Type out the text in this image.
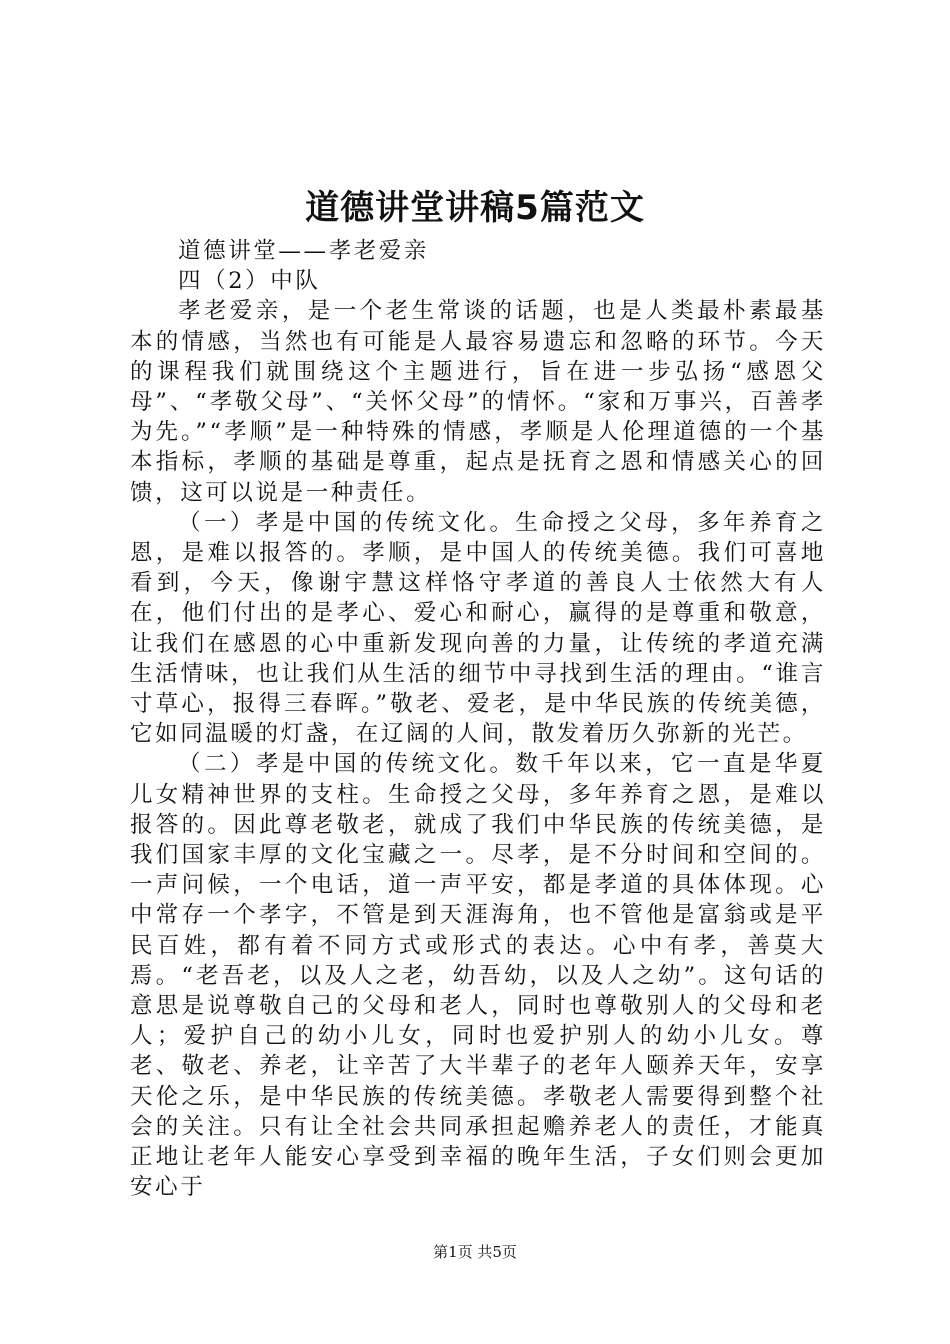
道德讲堂讲稿5篇范文

道德讲堂——孝老爱亲

四（2）中队

孝老爱亲，是一个老生常谈的话题，也是人类最朴素最基本的情感，当然也有可能是人最容易遗忘和忽略的环节。今天的课程我们就围绕这个主题进行，旨在进一步弘扬“感恩父母”、“孝敬父母”、“关怀父母”的情怀。“家和万事兴，百善孝为先。”“孝顺”是一种特殊的情感，孝顺是人伦理道德的一个基本指标，孝顺的基础是尊重，起点是抚育之恩和情感关心的回馈，这可以说是一种责任。

（一）孝是中国的传统文化。生命授之父母，多年养育之恩，是难以报答的。孝顺，是中国人的传统美德。我们可喜地看到，今天，像谢宇慧这样恪守孝道的善良人士依然大有人在，他们付出的是孝心、爱心和耐心，赢得的是尊重和敬意，让我们在感恩的心中重新发现向善的力量，让传统的孝道充满生活情味，也让我们从生活的细节中寻找到生活的理由。“谁言寸草心，报得三春晖。”敬老、爱老，是中华民族的传统美德，它如同温暖的灯盏，在辽阔的人间，散发着历久弥新的光芒。

（二）孝是中国的传统文化。数千年以来，它一直是华夏儿女精神世界的支柱。生命授之父母，多年养育之恩，是难以报答的。因此尊老敬老，就成了我们中华民族的传统美德，是我们国家丰厚的文化宝藏之一。尽孝，是不分时间和空间的。一声问候，一个电话，道一声平安，都是孝道的具体体现。心中常存一个孝字，不管是到天涯海角，也不管他是富翁或是平民百姓，都有着不同方式或形式的表达。心中有孝，善莫大焉。“老吾老，以及人之老，幼吾幼，以及人之幼”。这句话的意思是说尊敬自己的父母和老人，同时也尊敬别人的父母和老人；爱护自己的幼小儿女，同时也爱护别人的幼小儿女。尊老、敬老、养老，让辛苦了大半辈子的老年人颐养天年，安享天伦之乐，是中华民族的传统美德。孝敬老人需要得到整个社会的关注。只有让全社会共同承担起赡养老人的责任，才能真正地让老年人能安心享受到幸福的晚年生活，子女们则会更加安心于

第1页 共5页
